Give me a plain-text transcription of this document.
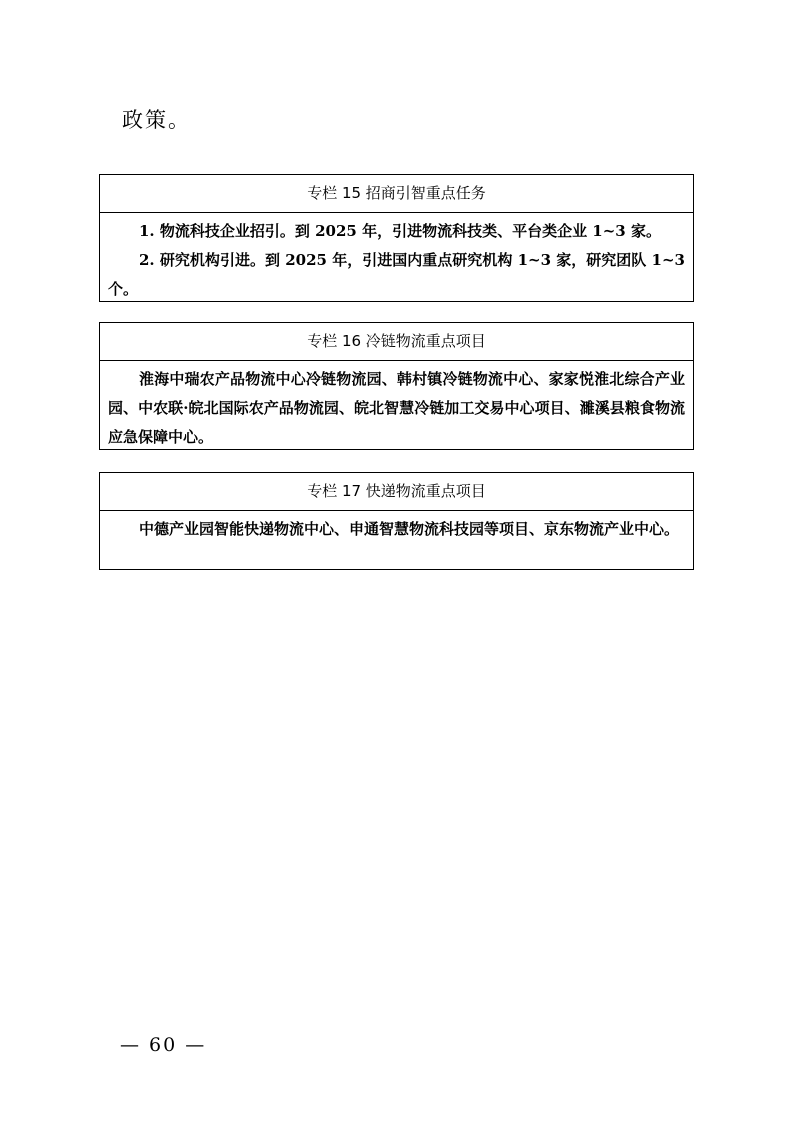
政策。
专栏 15 招商引智重点任务

1. 物流科技企业招引。到 2025 年，引进物流科技类、平台类企业 1~3 家。

2. 研究机构引进。到 2025 年，引进国内重点研究机构 1~3 家，研究团队 1~3 个。

专栏 16 冷链物流重点项目

淮海中瑞农产品物流中心冷链物流园、韩村镇冷链物流中心、家家悦淮北综合产业园、中农联·皖北国际农产品物流园、皖北智慧冷链加工交易中心项目、濉溪县粮食物流应急保障中心。

专栏 17 快递物流重点项目

中德产业园智能快递物流中心、申通智慧物流科技园等项目、京东物流产业中心。

— 60 —
